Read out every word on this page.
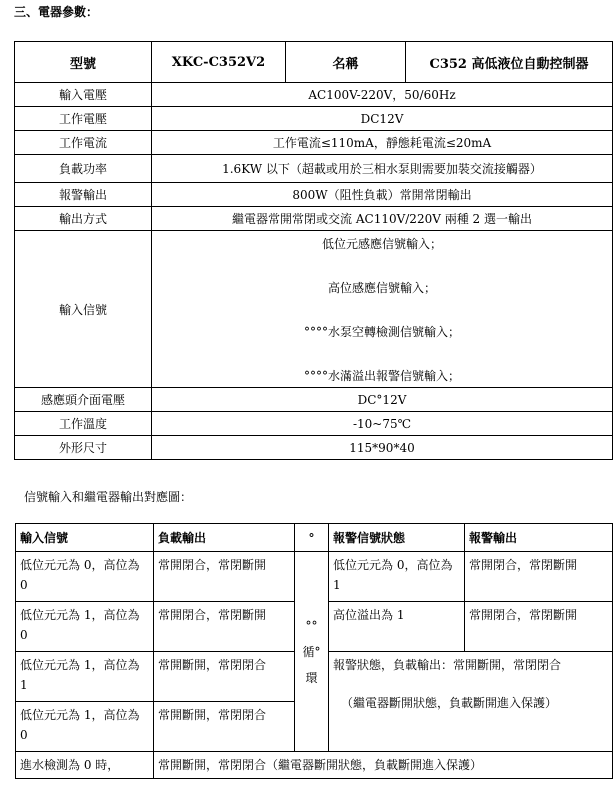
三、電器參數：
型號	XKC-C352V2	名稱	C352 高低液位自動控制器
輸入電壓	AC100V-220V，50/60Hz		
工作電壓	DC12V		
工作電流	工作電流≤110mA，靜態耗電流≤20mA		
負載功率	1.6KW 以下（超載或用於三相水泵則需要加裝交流接觸器）		
報警輸出	800W（阻性負載）常開常閉輸出		
輸出方式	繼電器常開常閉或交流 AC110V/220V 兩種 2 選一輸出		
輸入信號	低位元感應信號輸入；
高位感應信號輸入；
°°°°水泵空轉檢測信號輸入；
°°°°水滿溢出報警信號輸入；		

感應頭介面電壓	DC°12V		
工作溫度	-10~75℃		
外形尺寸	115*90*40		
信號輸入和繼電器輸出對應圖：
輸入信號	負載輸出	°	報警信號狀態	報警輸出
低位元元為 0，高位為 0	常開閉合，常閉斷開	°°循°環	低位元元為 0，高位為 1	常開閉合，常閉斷開
低位元元為 1，高位為 0	常開閉合，常閉斷開		高位溢出為 1	常開閉合，常閉斷開
低位元元為 1，高位為 1	常開斷開，常閉閉合		報警狀態，負載輸出：常開斷開，常閉閉合
（繼電器斷開狀態，負載斷開進入保護）	

低位元元為 1，高位為 0	常開斷開，常閉閉合			
進水檢測為 0 時，	常開斷開，常閉閉合（繼電器斷開狀態，負載斷開進入保護）			
